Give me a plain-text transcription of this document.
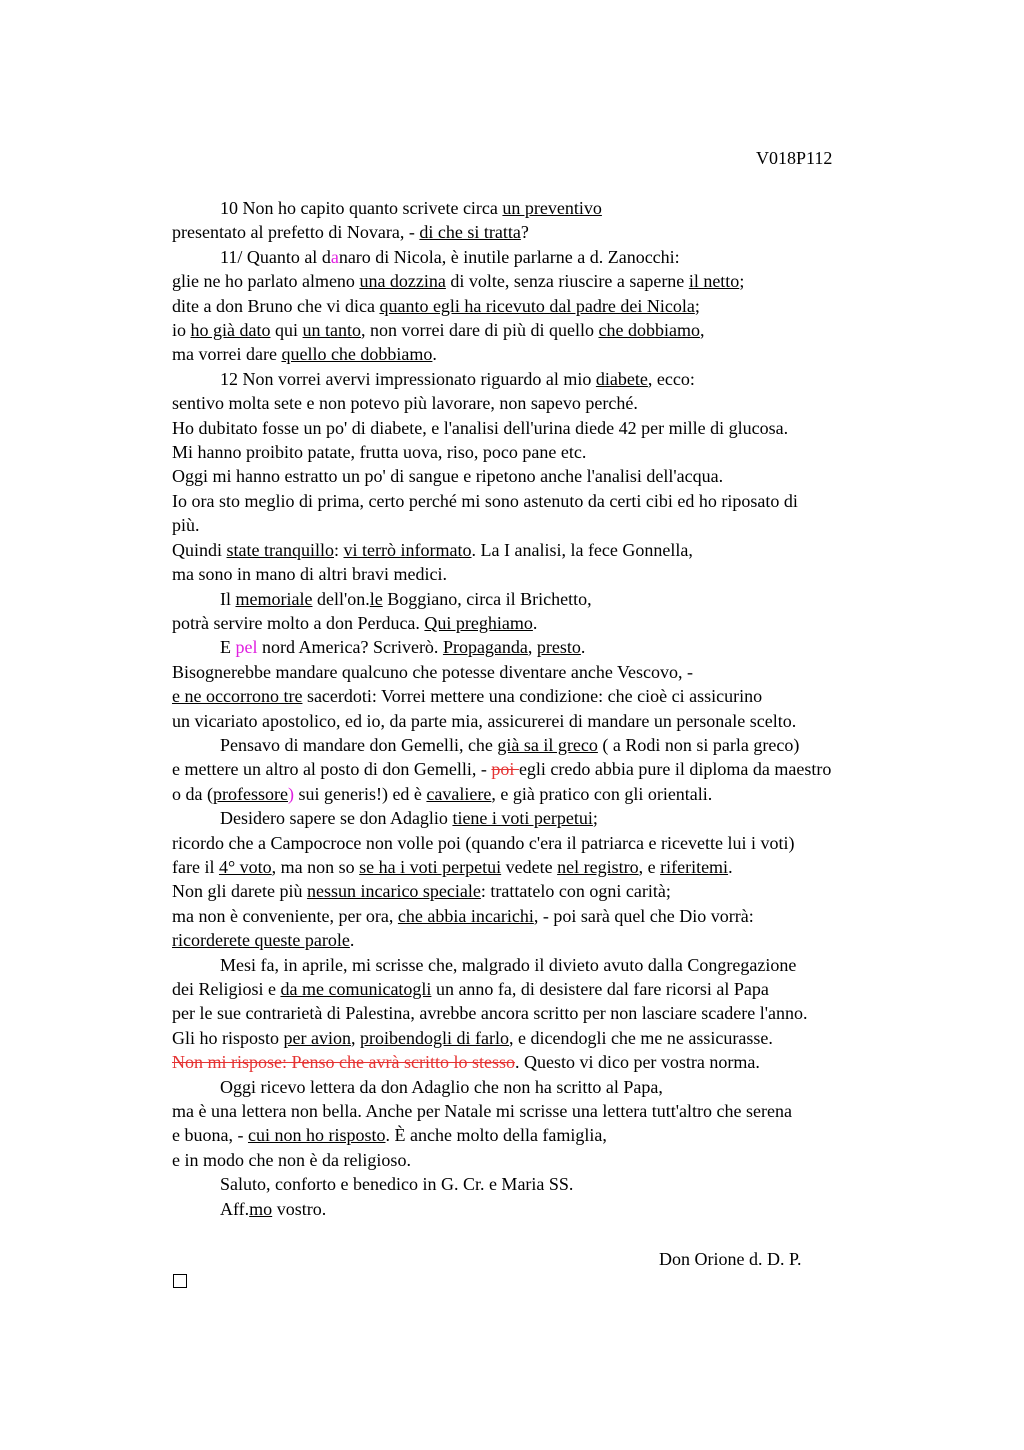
V018P112
10 Non ho capito quanto scrivete circa un preventivo
presentato al prefetto di Novara, - di che si tratta?
11/ Quanto al danaro di Nicola, è inutile parlarne a d. Zanocchi:
glie ne ho parlato almeno una dozzina di volte, senza riuscire a saperne il netto;
dite a don Bruno che vi dica quanto egli ha ricevuto dal padre dei Nicola;
io ho già dato qui un tanto, non vorrei dare di più di quello che dobbiamo,
ma vorrei dare quello che dobbiamo.
12 Non vorrei avervi impressionato riguardo al mio diabete, ecco:
sentivo molta sete e non potevo più lavorare, non sapevo perché.
Ho dubitato fosse un po' di diabete, e l'analisi dell'urina diede 42 per mille di glucosa.
Mi hanno proibito patate, frutta uova, riso, poco pane etc.
Oggi mi hanno estratto un po' di sangue e ripetono anche l'analisi dell'acqua.
Io ora sto meglio di prima, certo perché mi sono astenuto da certi cibi ed ho riposato di
più.
Quindi state tranquillo: vi terrò informato. La I analisi, la fece Gonnella,
ma sono in mano di altri bravi medici.
Il memoriale dell'on.le Boggiano, circa il Brichetto,
potrà servire molto a don Perduca. Qui preghiamo.
E pel nord America? Scriverò. Propaganda, presto.
Bisognerebbe mandare qualcuno che potesse diventare anche Vescovo, -
e ne occorrono tre sacerdoti: Vorrei mettere una condizione: che cioè ci assicurino
un vicariato apostolico, ed io, da parte mia, assicurerei di mandare un personale scelto.
Pensavo di mandare don Gemelli, che già sa il greco ( a Rodi non si parla greco)
e mettere un altro al posto di don Gemelli, - poi egli credo abbia pure il diploma da maestro
o da (professore) sui generis!) ed è cavaliere, e già pratico con gli orientali.
Desidero sapere se don Adaglio tiene i voti perpetui;
ricordo che a Campocroce non volle poi (quando c'era il patriarca e ricevette lui i voti)
fare il 4° voto, ma non so se ha i voti perpetui vedete nel registro, e riferitemi.
Non gli darete più nessun incarico speciale: trattatelo con ogni carità;
ma non è conveniente, per ora, che abbia incarichi, - poi sarà quel che Dio vorrà:
ricorderete queste parole.
Mesi fa, in aprile, mi scrisse che, malgrado il divieto avuto dalla Congregazione
dei Religiosi e da me comunicatogli un anno fa, di desistere dal fare ricorsi al Papa
per le sue contrarietà di Palestina, avrebbe ancora scritto per non lasciare scadere l'anno.
Gli ho risposto per avion, proibendogli di farlo, e dicendogli che me ne assicurasse.
Non mi rispose: Penso che avrà scritto lo stesso. Questo vi dico per vostra norma.
Oggi ricevo lettera da don Adaglio che non ha scritto al Papa,
ma è una lettera non bella. Anche per Natale mi scrisse una lettera tutt'altro che serena
e buona, - cui non ho risposto. È anche molto della famiglia,
e in modo che non è da religioso.
Saluto, conforto e benedico in G. Cr. e Maria SS.
Aff.mo vostro.
Don Orione d. D. P.
